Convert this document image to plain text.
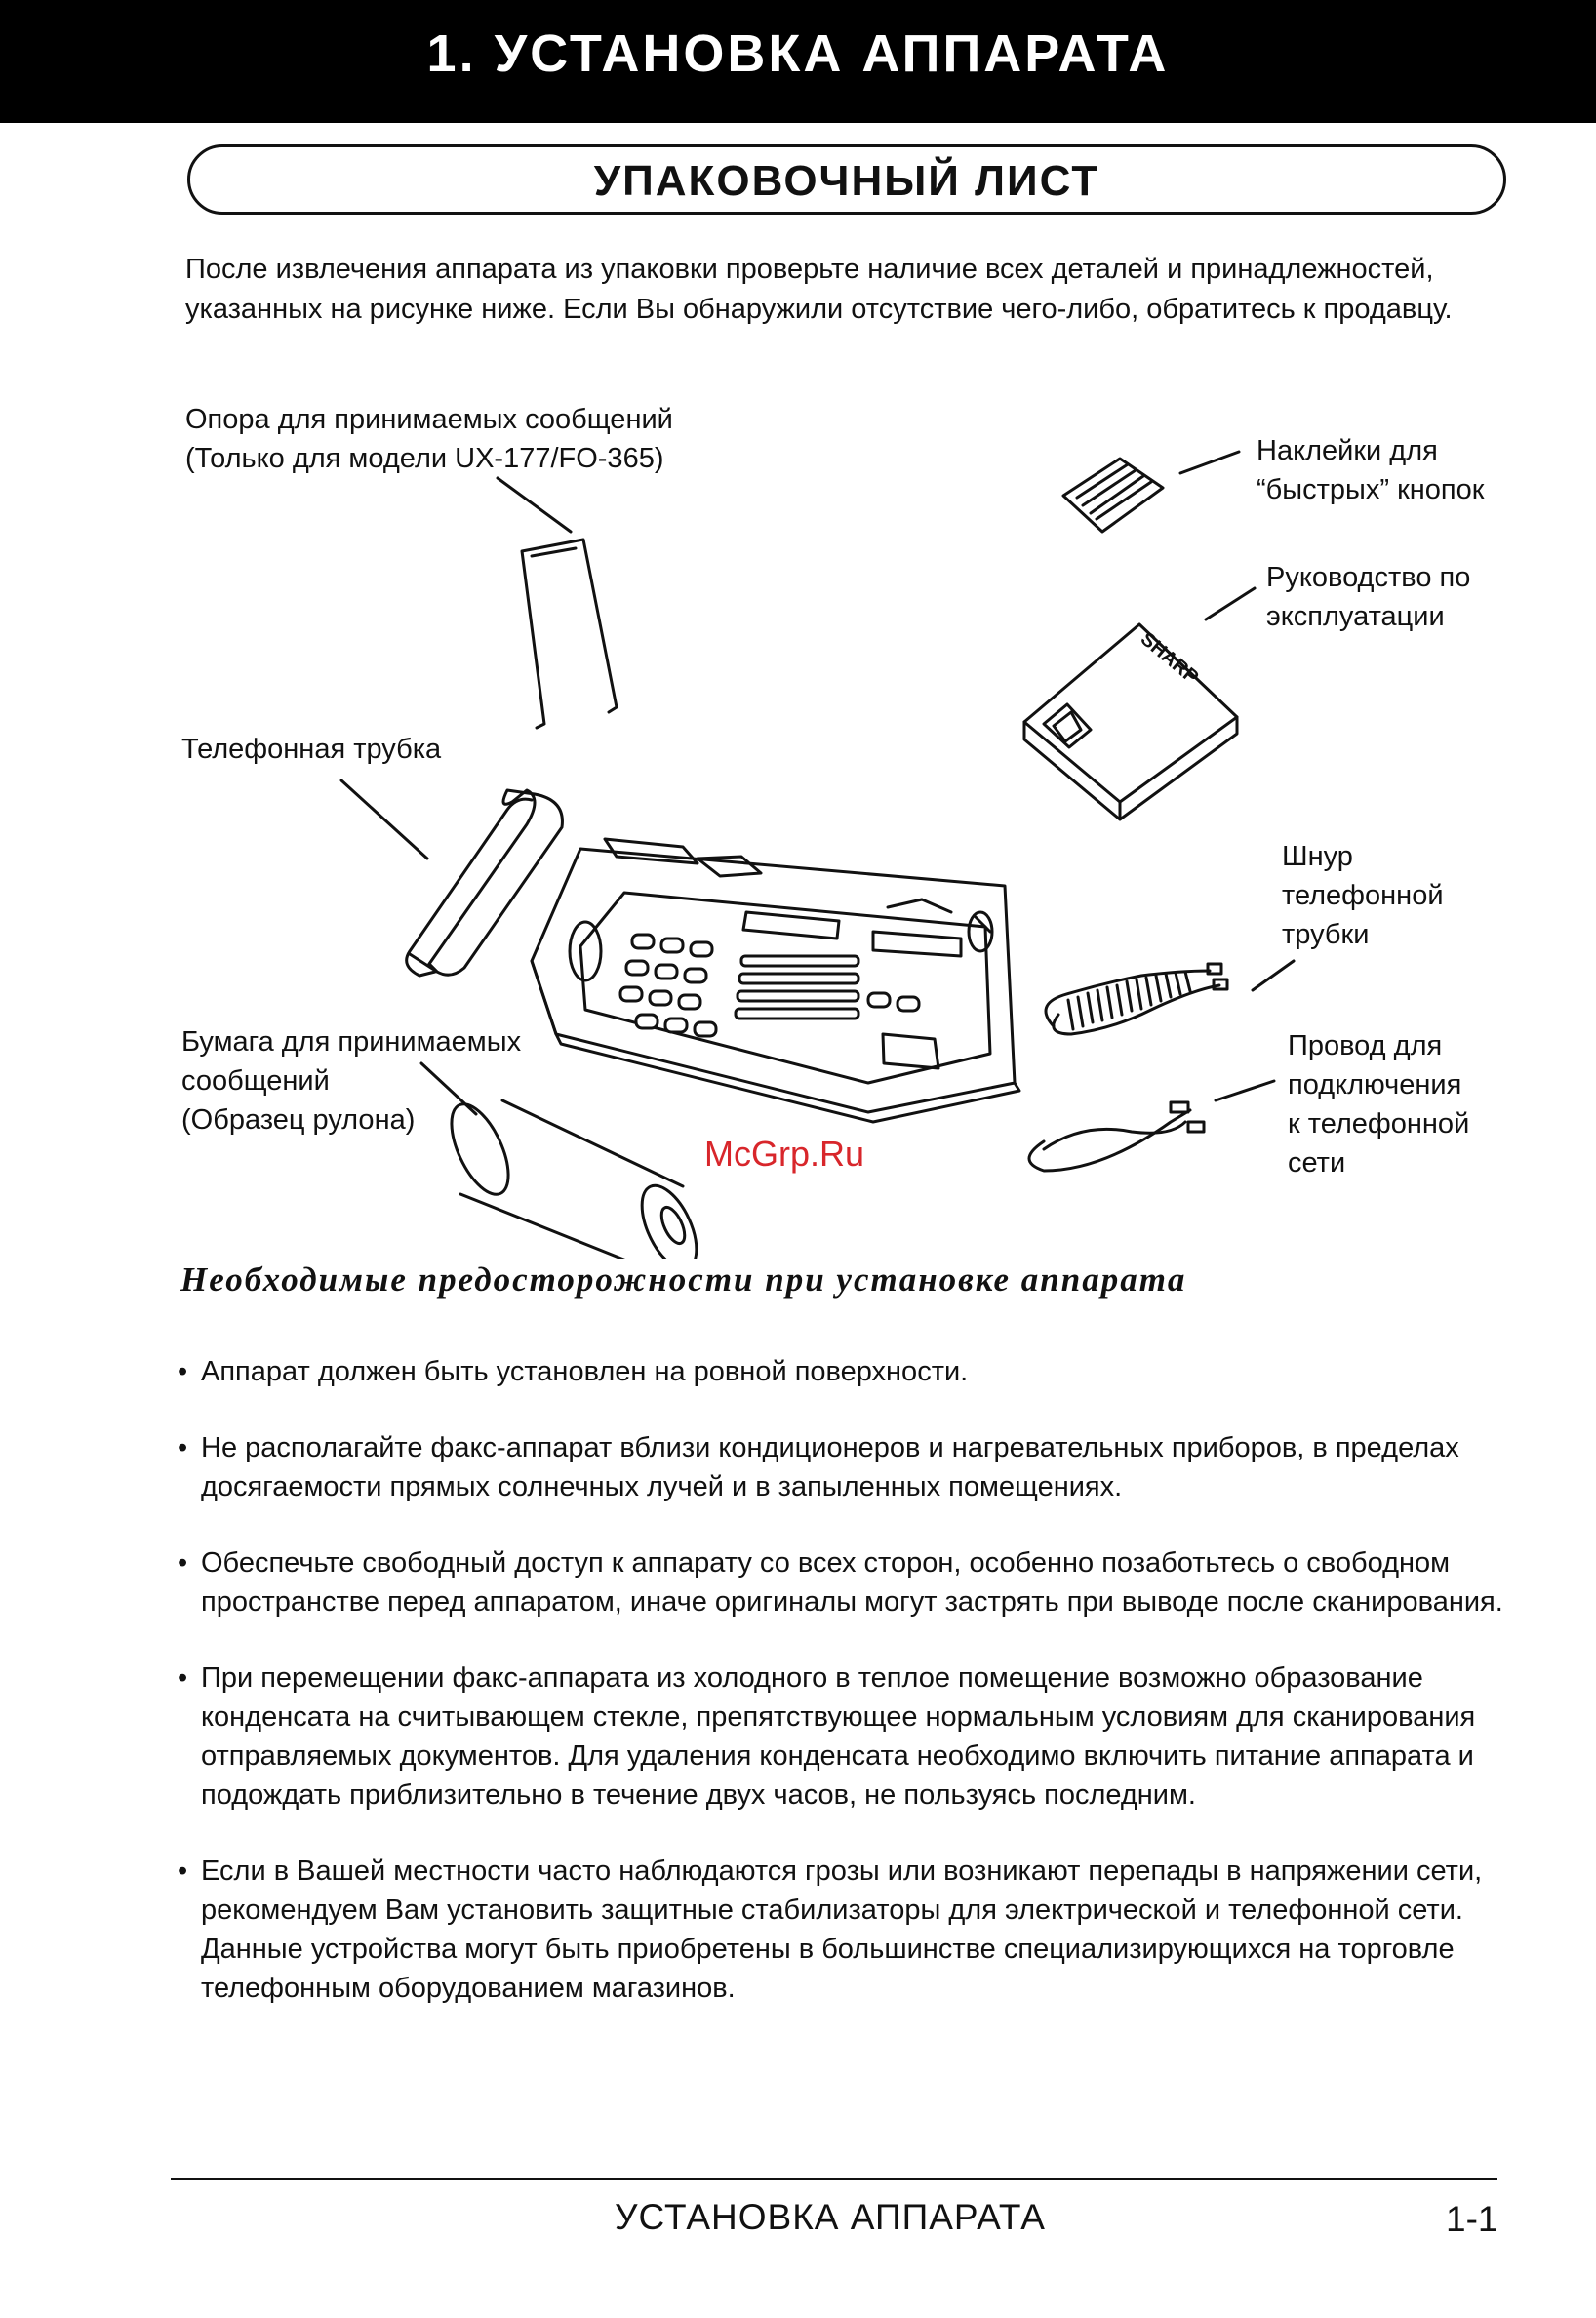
1. УСТАНОВКА АППАРАТА
УПАКОВОЧНЫЙ ЛИСТ
После извлечения аппарата из упаковки проверьте наличие всех деталей и принадлежностей, указанных на рисунке ниже. Если Вы обнаружили отсутствие чего-либо, обратитесь к продавцу.
Опора для принимаемых сообщений
(Только для модели UX-177/FO-365)
Телефонная трубка
Бумага для принимаемых
сообщений
(Образец рулона)
Наклейки для
“быстрых” кнопок
Руководство по
эксплуатации
Шнур
телефонной
трубки
Провод для
подключения
к телефонной
сети
SHARP
McGrp.Ru
Необходимые предосторожности при установке аппарата
• Аппарат должен быть установлен на ровной поверхности.
• Не располагайте факс-аппарат вблизи кондиционеров и нагревательных приборов, в пределах досягаемости прямых солнечных лучей и в запыленных помещениях.
• Обеспечьте свободный доступ к аппарату со всех сторон, особенно позаботьтесь о свободном пространстве перед аппаратом, иначе оригиналы могут застрять при выводе после сканирования.
• При перемещении факс-аппарата из холодного в теплое помещение возможно образование конденсата на считывающем стекле, препятствующее нормальным условиям для сканирования отправляемых документов. Для удаления конденсата необходимо включить питание аппарата и подождать приблизительно в течение двух часов, не пользуясь последним.
• Если в Вашей местности часто наблюдаются грозы или возникают перепады в напряжении сети, рекомендуем Вам установить защитные стабилизаторы для электрической и телефонной сети. Данные устройства могут быть приобретены в большинстве специализирующихся на торговле телефонным оборудованием магазинов.
УСТАНОВКА АППАРАТА	1-1
